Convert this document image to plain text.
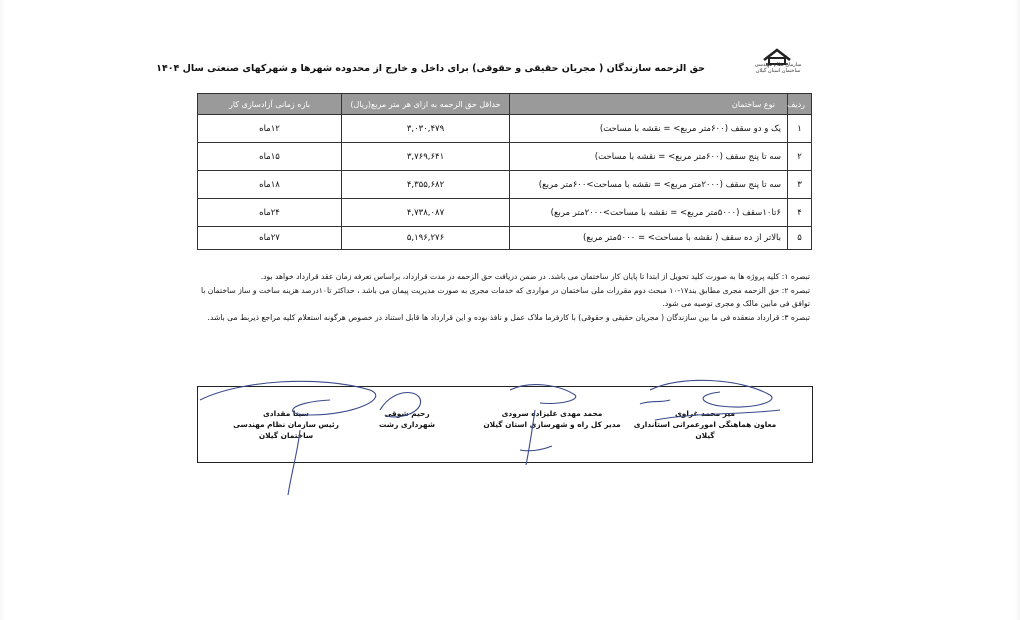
سازمان نظام مهندسی ساختمان استان گیلان
حق الزحمه سازندگان ( مجریان حقیقی و حقوقی) برای داخل و خارج از محدوده شهرها و شهرکهای صنعتی سال ۱۴۰۴
ردیف	نوع ساختمان	حداقل حق الزحمه به ازای هر متر مربع(ریال)	بازه زمانی آزادسازی کار
۱	یک و دو سقف (۶۰۰متر مربع> = نقشه با مساحت)	۳,۰۳۰,۴۷۹	۱۲ماه
۲	سه تا پنج سقف (۶۰۰متر مربع> = نقشه با مساحت)	۳,۷۶۹,۶۴۱	۱۵ماه
۳	سه تا پنج سقف (۲۰۰۰متر مربع> = نقشه با مساحت>۶۰۰متر مربع)	۴,۳۵۵,۶۸۲	۱۸ماه
۴	۶تا۱۰سقف (۵۰۰۰متر مربع> = نقشه با مساحت>۲۰۰۰متر مربع)	۴,۷۳۸,۰۸۷	۲۴ماه
۵	بالاتر از ده سقف ( نقشه با مساحت> = ۵۰۰۰متر مربع)	۵,۱۹۶,۲۷۶	۲۷ماه

تبصره ۱: کلیه پروژه ها به صورت کلید تحویل از ابتدا تا پایان کار ساختمان می باشد. در ضمن دریافت حق الزحمه در مدت قرارداد، براساس تعرفه زمان عقد قرارداد خواهد بود.

تبصره ۲: حق الزحمه مجری مطابق بند۱۷-۱۰ مبحث دوم مقررات ملی ساختمان در مواردی که خدمات مجری به صورت مدیریت پیمان می باشد ، حداکثر تا۱۰درصد هزینه ساخت و ساز ساختمان با توافق فی مابین مالک و مجری توصیه می شود.

تبصره ۳: قرارداد منعقده فی ما بین سازندگان ( مجریان حقیقی و حقوقی) با کارفرما ملاک عمل و نافذ بوده و این قرارداد ها قابل استناد در خصوص هرگونه استعلام کلیه مراجع ذیربط می باشد.

میر محمد غراوی
معاون هماهنگی امورعمرانی استانداری گیلان
محمد مهدی علیزاده سرودی
مدیر کل راه و شهرسازی استان گیلان
رحیم شوقی
شهرداری رشت
سینا مقدادی
رئیس سازمان نظام مهندسی ساختمان گیلان
